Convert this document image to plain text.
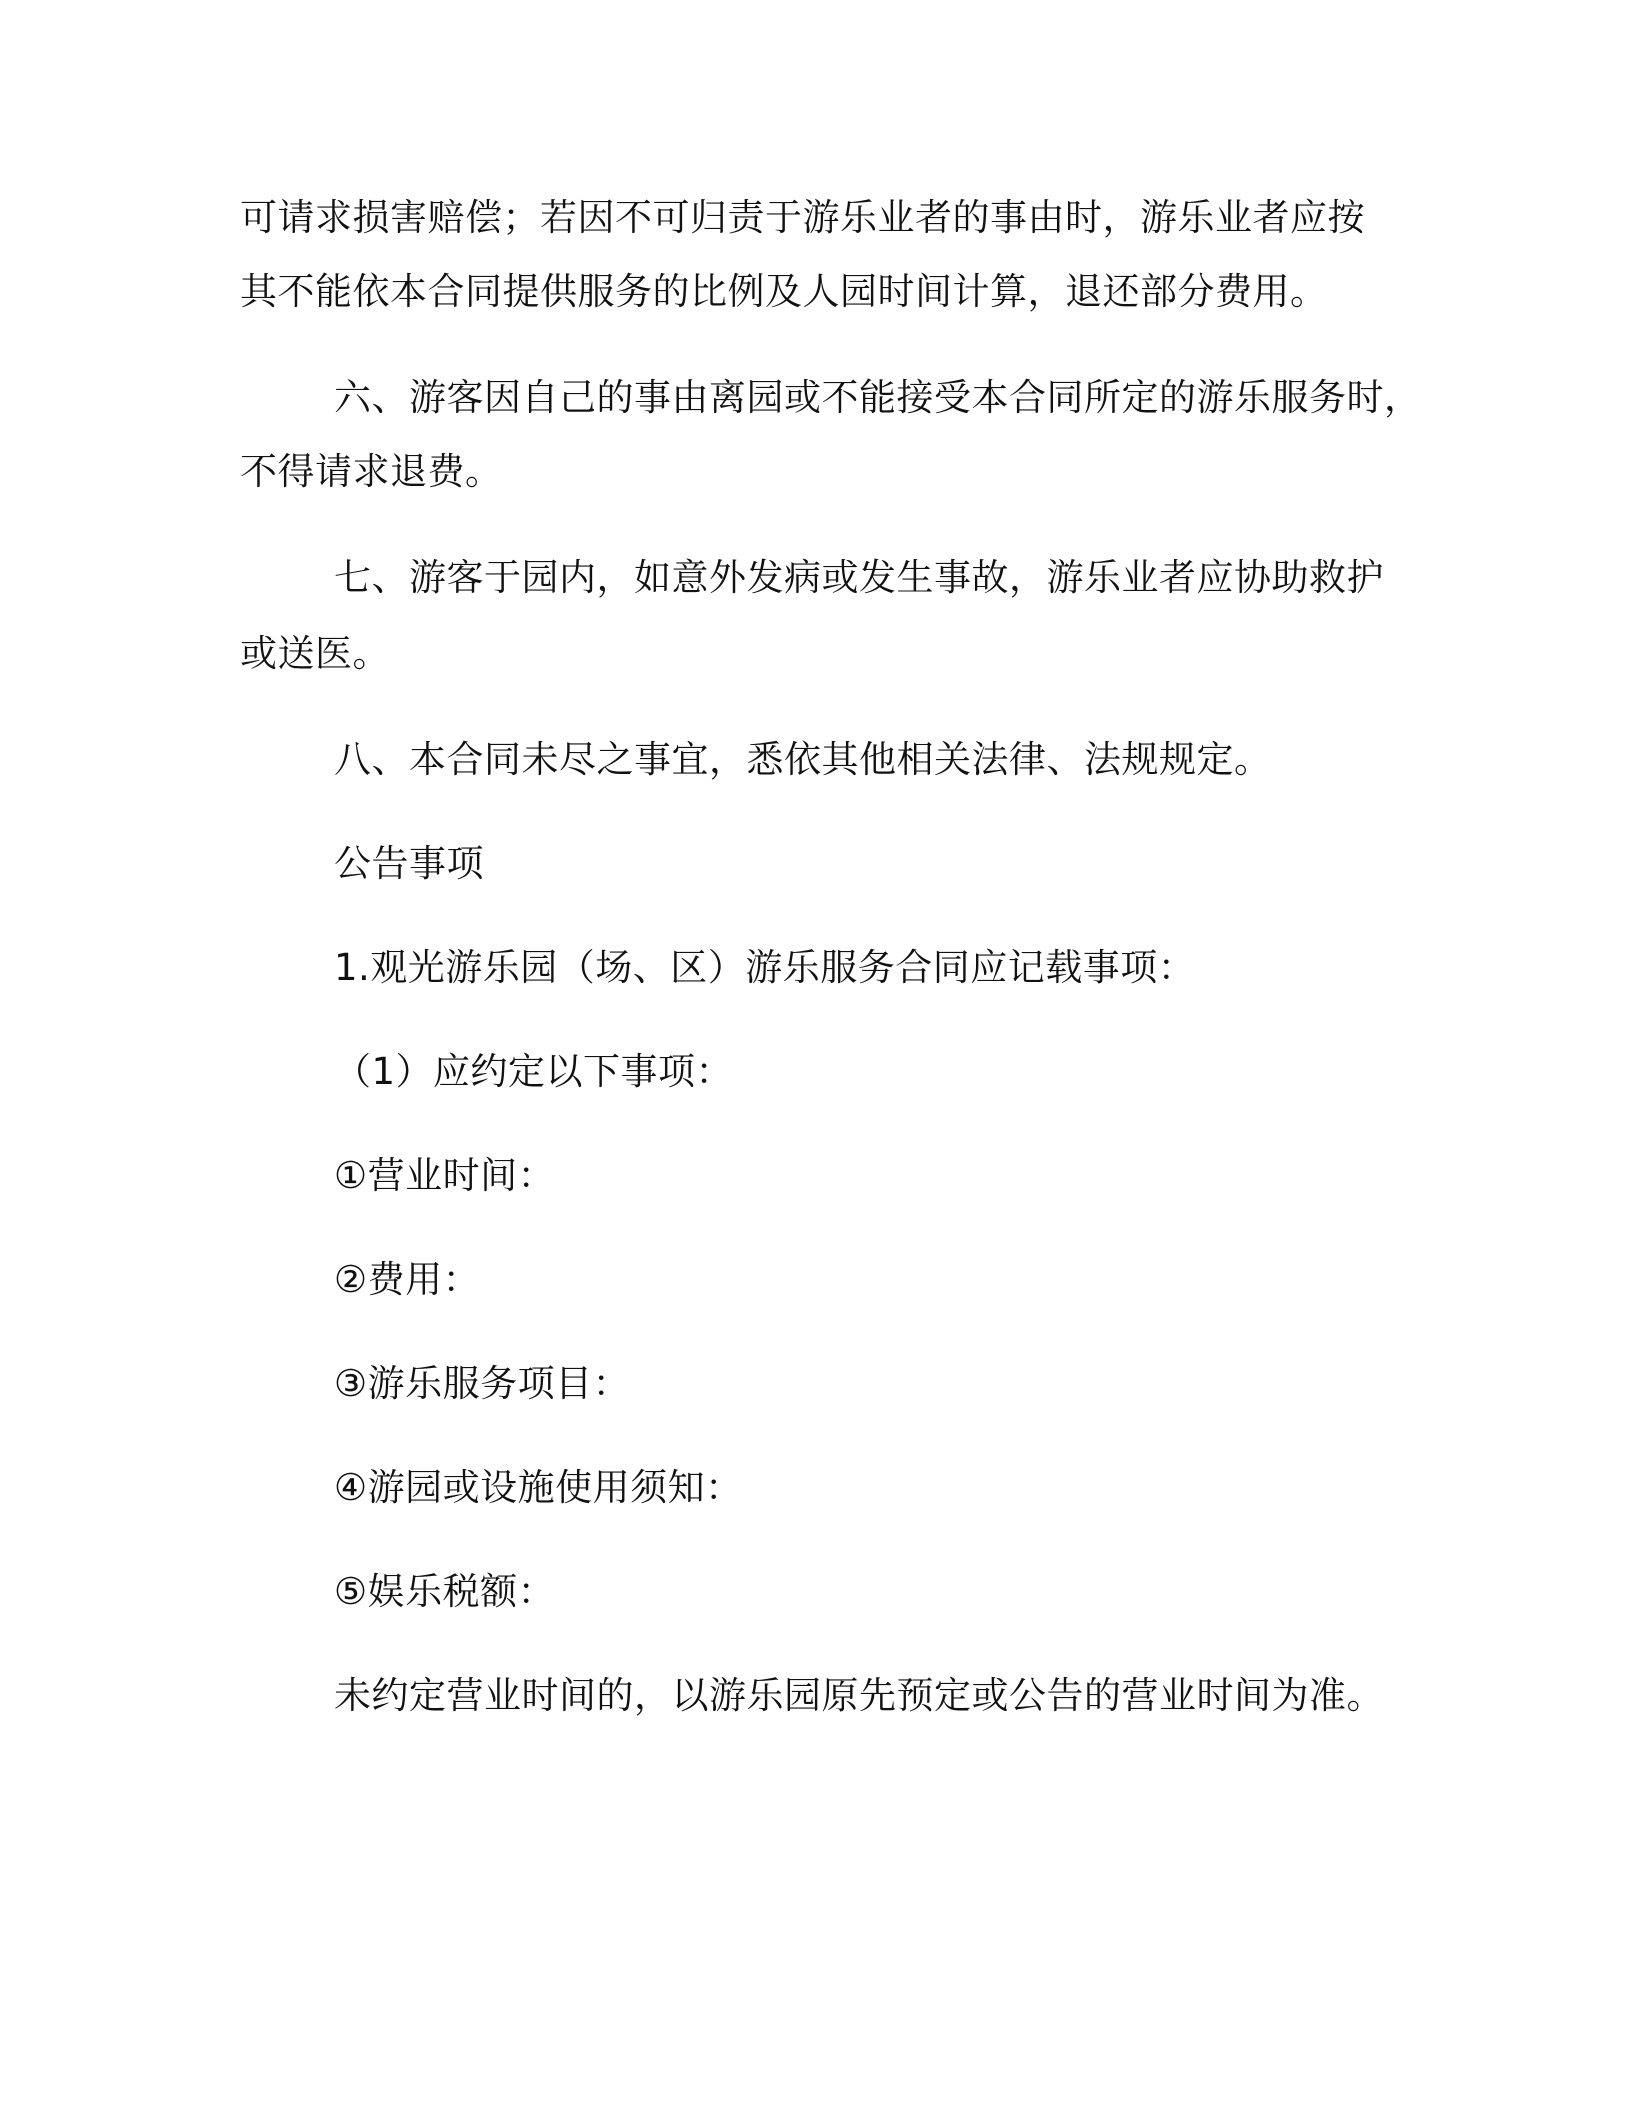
可请求损害赔偿；若因不可归责于游乐业者的事由时，游乐业者应按
其不能依本合同提供服务的比例及人园时间计算，退还部分费用。
六、游客因自己的事由离园或不能接受本合同所定的游乐服务时，
不得请求退费。
七、游客于园内，如意外发病或发生事故，游乐业者应协助救护
或送医。
八、本合同未尽之事宜，悉依其他相关法律、法规规定。
公告事项
1.观光游乐园（场、区）游乐服务合同应记载事项：
（1）应约定以下事项：
①营业时间：
②费用：
③游乐服务项目：
④游园或设施使用须知：
⑤娱乐税额：
未约定营业时间的，以游乐园原先预定或公告的营业时间为准。
